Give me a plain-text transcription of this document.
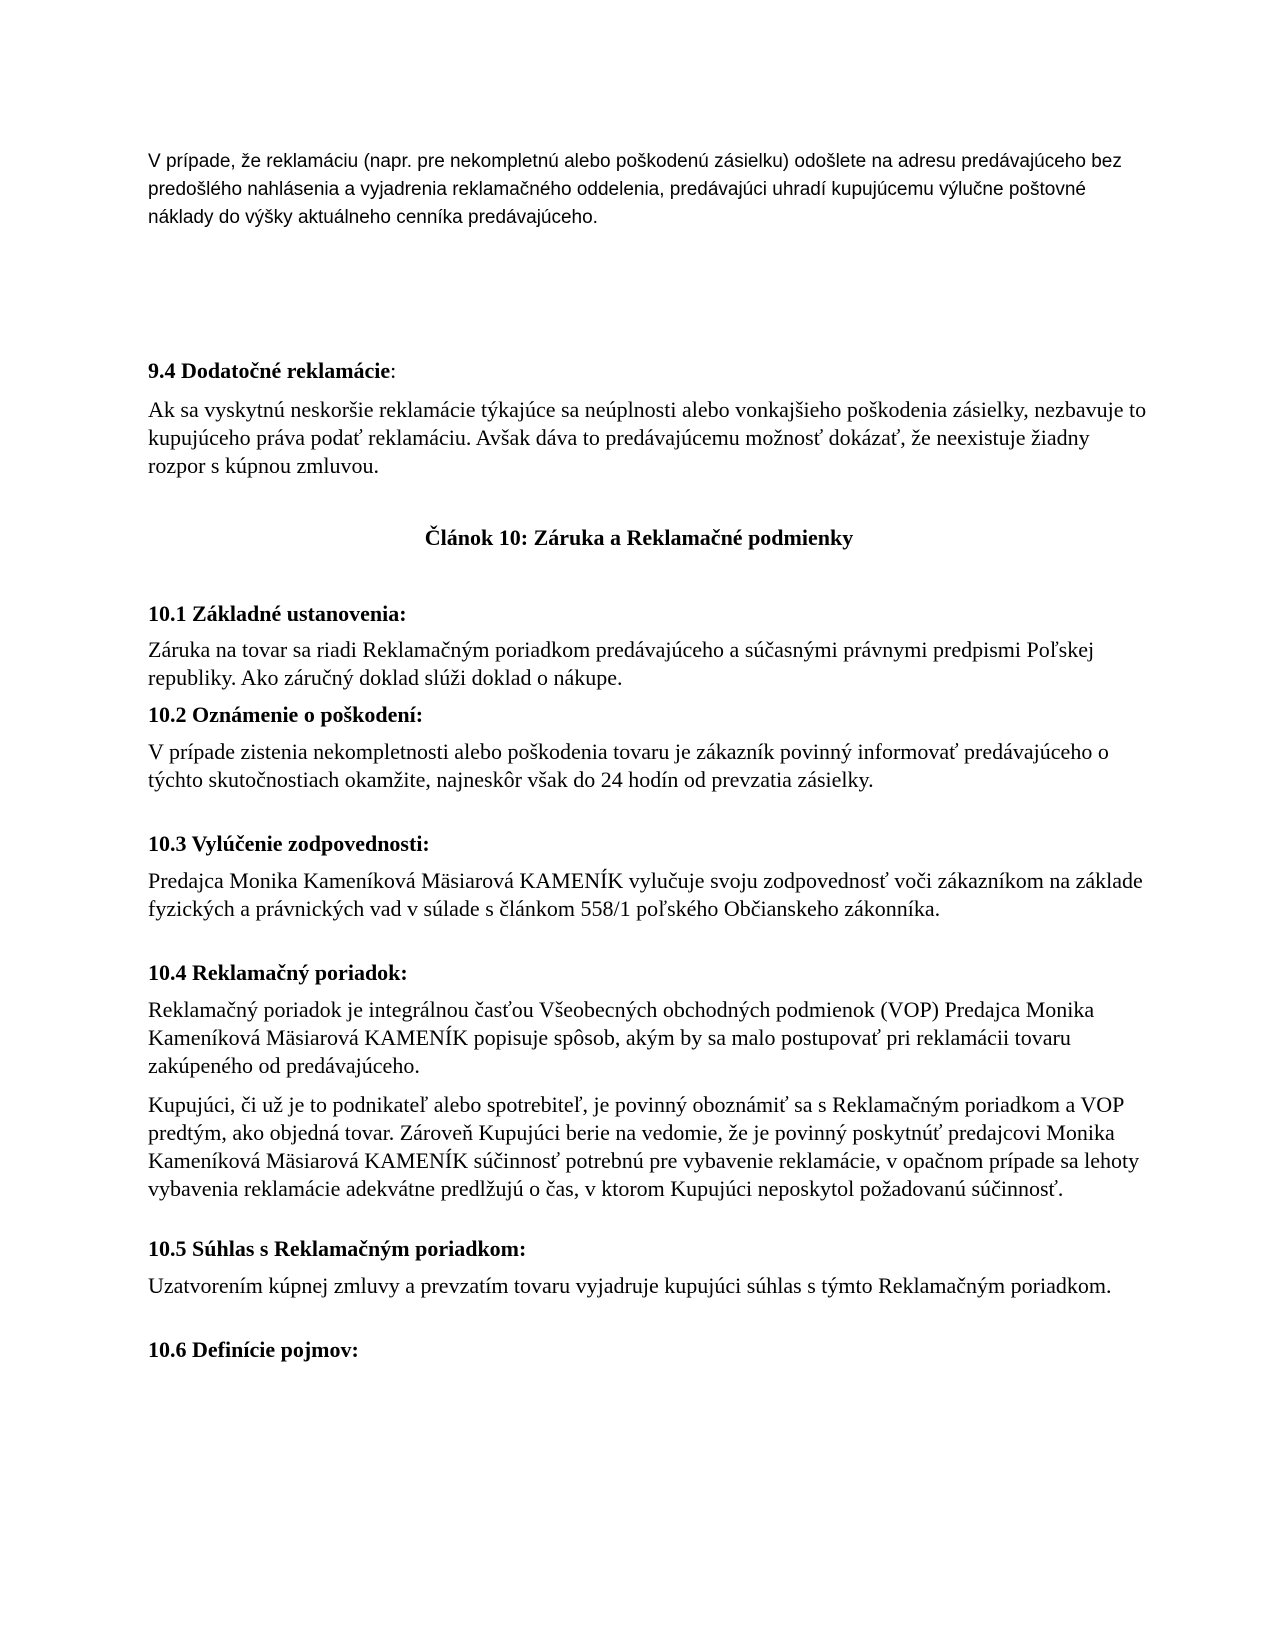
V prípade, že reklamáciu (napr. pre nekompletnú alebo poškodenú zásielku) odošlete na adresu predávajúceho bez predošlého nahlásenia a vyjadrenia reklamačného oddelenia, predávajúci uhradí kupujúcemu výlučne poštovné náklady do výšky aktuálneho cenníka predávajúceho.

9.4 Dodatočné reklamácie:

Ak sa vyskytnú neskoršie reklamácie týkajúce sa neúplnosti alebo vonkajšieho poškodenia zásielky, nezbavuje to kupujúceho práva podať reklamáciu. Avšak dáva to predávajúcemu možnosť dokázať, že neexistuje žiadny rozpor s kúpnou zmluvou.

Článok 10: Záruka a Reklamačné podmienky

10.1 Základné ustanovenia:

Záruka na tovar sa riadi Reklamačným poriadkom predávajúceho a súčasnými právnymi predpismi Poľskej republiky. Ako záručný doklad slúži doklad o nákupe.

10.2 Oznámenie o poškodení:

V prípade zistenia nekompletnosti alebo poškodenia tovaru je zákazník povinný informovať predávajúceho o týchto skutočnostiach okamžite, najneskôr však do 24 hodín od prevzatia zásielky.

10.3 Vylúčenie zodpovednosti:

Predajca Monika Kameníková Mäsiarová KAMENÍK vylučuje svoju zodpovednosť voči zákazníkom na základe fyzických a právnických vad v súlade s článkom 558/1 poľského Občianskeho zákonníka.

10.4 Reklamačný poriadok:

Reklamačný poriadok je integrálnou časťou Všeobecných obchodných podmienok (VOP) Predajca Monika Kameníková Mäsiarová KAMENÍK popisuje spôsob, akým by sa malo postupovať pri reklamácii tovaru zakúpeného od predávajúceho.

Kupujúci, či už je to podnikateľ alebo spotrebiteľ, je povinný oboznámiť sa s Reklamačným poriadkom a VOP predtým, ako objedná tovar. Zároveň Kupujúci berie na vedomie, že je povinný poskytnúť predajcovi Monika Kameníková Mäsiarová KAMENÍK súčinnosť potrebnú pre vybavenie reklamácie, v opačnom prípade sa lehoty vybavenia reklamácie adekvátne predlžujú o čas, v ktorom Kupujúci neposkytol požadovanú súčinnosť.

10.5 Súhlas s Reklamačným poriadkom:

Uzatvorením kúpnej zmluvy a prevzatím tovaru vyjadruje kupujúci súhlas s týmto Reklamačným poriadkom.

10.6 Definície pojmov:
